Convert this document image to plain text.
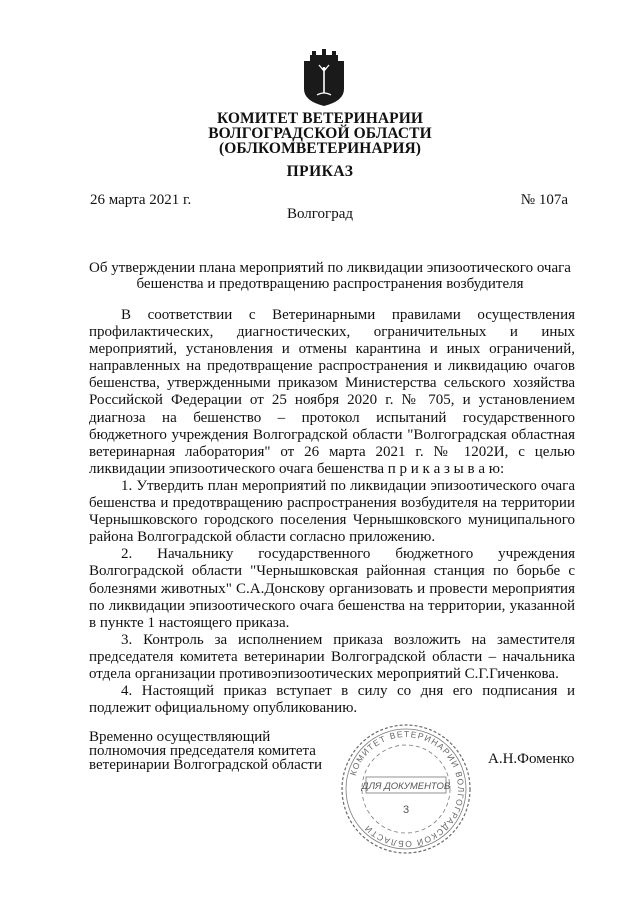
КОМИТЕТ ВЕТЕРИНАРИИ
ВОЛГОГРАДСКОЙ ОБЛАСТИ
(ОБЛКОМВЕТЕРИНАРИЯ)
ПРИКАЗ
26 марта 2021 г.	№ 107а
Волгоград
Об утверждении плана мероприятий по ликвидации эпизоотического очага
бешенства и предотвращению распространения возбудителя

В соответствии с Ветеринарными правилами осуществления профилактических, диагностических, ограничительных и иных мероприятий, установления и отмены карантина и иных ограничений, направленных на предотвращение распространения и ликвидацию очагов бешенства, утвержденными приказом Министерства сельского хозяйства Российской Федерации от 25 ноября 2020 г. № 705, и установлением диагноза на бешенство – протокол испытаний государственного бюджетного учреждения Волгоградской области "Волгоградская областная ветеринарная лаборатория" от 26 марта 2021 г. № 1202И, с целью ликвидации эпизоотического очага бешенства п р и к а з ы в а ю:

1. Утвердить план мероприятий по ликвидации эпизоотического очага бешенства и предотвращению распространения возбудителя на территории Чернышковского городского поселения Чернышковского муниципального района Волгоградской области согласно приложению.

2. Начальнику государственного бюджетного учреждения Волгоградской области "Чернышковская районная станция по борьбе с болезнями животных" С.А.Донскову организовать и провести мероприятия по ликвидации эпизоотического очага бешенства на территории, указанной в пункте 1 настоящего приказа.

3. Контроль за исполнением приказа возложить на заместителя председателя комитета ветеринарии Волгоградской области – начальника отдела организации противоэпизоотических мероприятий С.Г.Гиченкова.

4. Настоящий приказ вступает в силу со дня его подписания и подлежит официальному опубликованию.

Временно осуществляющий
полномочия председателя комитета
ветеринарии Волгоградской области	А.Н.Фоменко
КОМИТЕТ ВЕТЕРИНАРИИ ВОЛГОГРАДСКОЙ ОБЛАСТИ
ДЛЯ ДОКУМЕНТОВ
3
